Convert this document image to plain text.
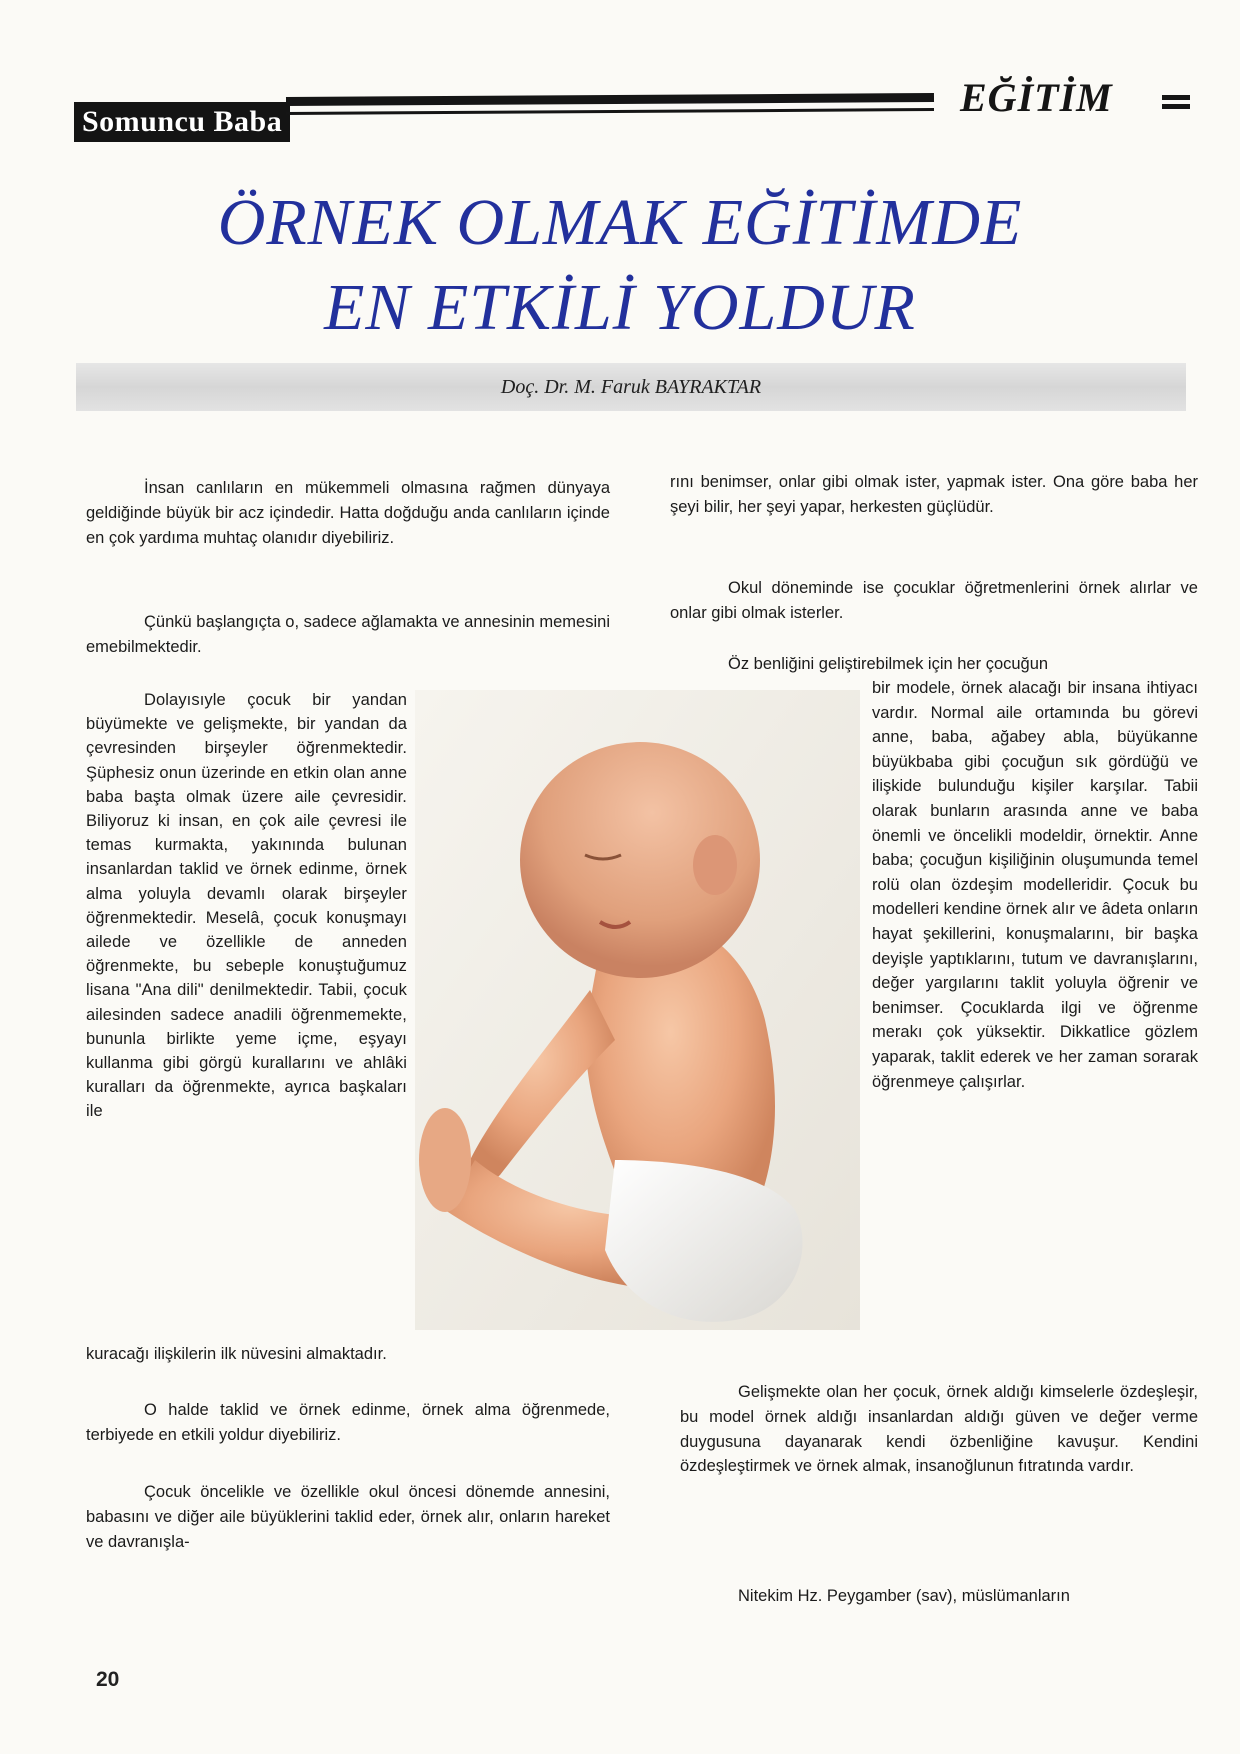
Somuncu Baba
EĞİTİM
ÖRNEK OLMAK EĞİTİMDE
EN ETKİLİ YOLDUR
Doç. Dr. M. Faruk BAYRAKTAR

İnsan canlıların en mükemmeli olmasına rağmen dünyaya geldiğinde büyük bir acz içindedir. Hatta doğduğu anda canlıların içinde en çok yardıma muhtaç olanıdır diyebiliriz.

Çünkü başlangıçta o, sadece ağlamakta ve annesinin memesini emebilmektedir.

Dolayısıyle çocuk bir yandan büyümekte ve gelişmekte, bir yandan da çevresinden birşeyler öğrenmektedir. Şüphesiz onun üzerinde en etkin olan anne baba başta olmak üzere aile çevresidir. Biliyoruz ki insan, en çok aile çevresi ile temas kurmakta, yakınında bulunan insanlardan taklid ve örnek edinme, örnek alma yoluyla devamlı olarak birşeyler öğrenmektedir. Meselâ, çocuk konuşmayı ailede ve özellikle de anneden öğrenmekte, bu sebeple konuştuğumuz lisana "Ana dili" denilmektedir. Tabii, çocuk ailesinden sadece anadili öğrenmemekte, bununla birlikte yeme içme, eşyayı kullanma gibi görgü kurallarını ve ahlâki kuralları da öğrenmekte, ayrıca başkaları ile

kuracağı ilişkilerin ilk nüvesini almaktadır.

O halde taklid ve örnek edinme, örnek alma öğrenmede, terbiyede en etkili yoldur diyebiliriz.

Çocuk öncelikle ve özellikle okul öncesi dönemde annesini, babasını ve diğer aile büyüklerini taklid eder, örnek alır, onların hareket ve davranışla-

rını benimser, onlar gibi olmak ister, yapmak ister. Ona göre baba her şeyi bilir, her şeyi yapar, herkesten güçlüdür.

Okul döneminde ise çocuklar öğretmenlerini örnek alırlar ve onlar gibi olmak isterler.

Öz benliğini geliştirebilmek için her çocuğun

bir modele, örnek alacağı bir insana ihtiyacı vardır. Normal aile ortamında bu görevi anne, baba, ağabey abla, büyükanne büyükbaba gibi çocuğun sık gördüğü ve ilişkide bulunduğu kişiler karşılar. Tabii olarak bunların arasında anne ve baba önemli ve öncelikli modeldir, örnektir. Anne baba; çocuğun kişiliğinin oluşumunda temel rolü olan özdeşim modelleridir. Çocuk bu modelleri kendine örnek alır ve âdeta onların hayat şekillerini, konuşmalarını, bir başka deyişle yaptıklarını, tutum ve davranışlarını, değer yargılarını taklit yoluyla öğrenir ve benimser. Çocuklarda ilgi ve öğrenme merakı çok yüksektir. Dikkatlice gözlem yaparak, taklit ederek ve her zaman sorarak öğrenmeye çalışırlar.

Gelişmekte olan her çocuk, örnek aldığı kimselerle özdeşleşir, bu model örnek aldığı insanlardan aldığı güven ve değer verme duygusuna dayanarak kendi özbenliğine kavuşur. Kendini özdeşleştirmek ve örnek almak, insanoğlunun fıtratında vardır.

Nitekim Hz. Peygamber (sav), müslümanların

20
